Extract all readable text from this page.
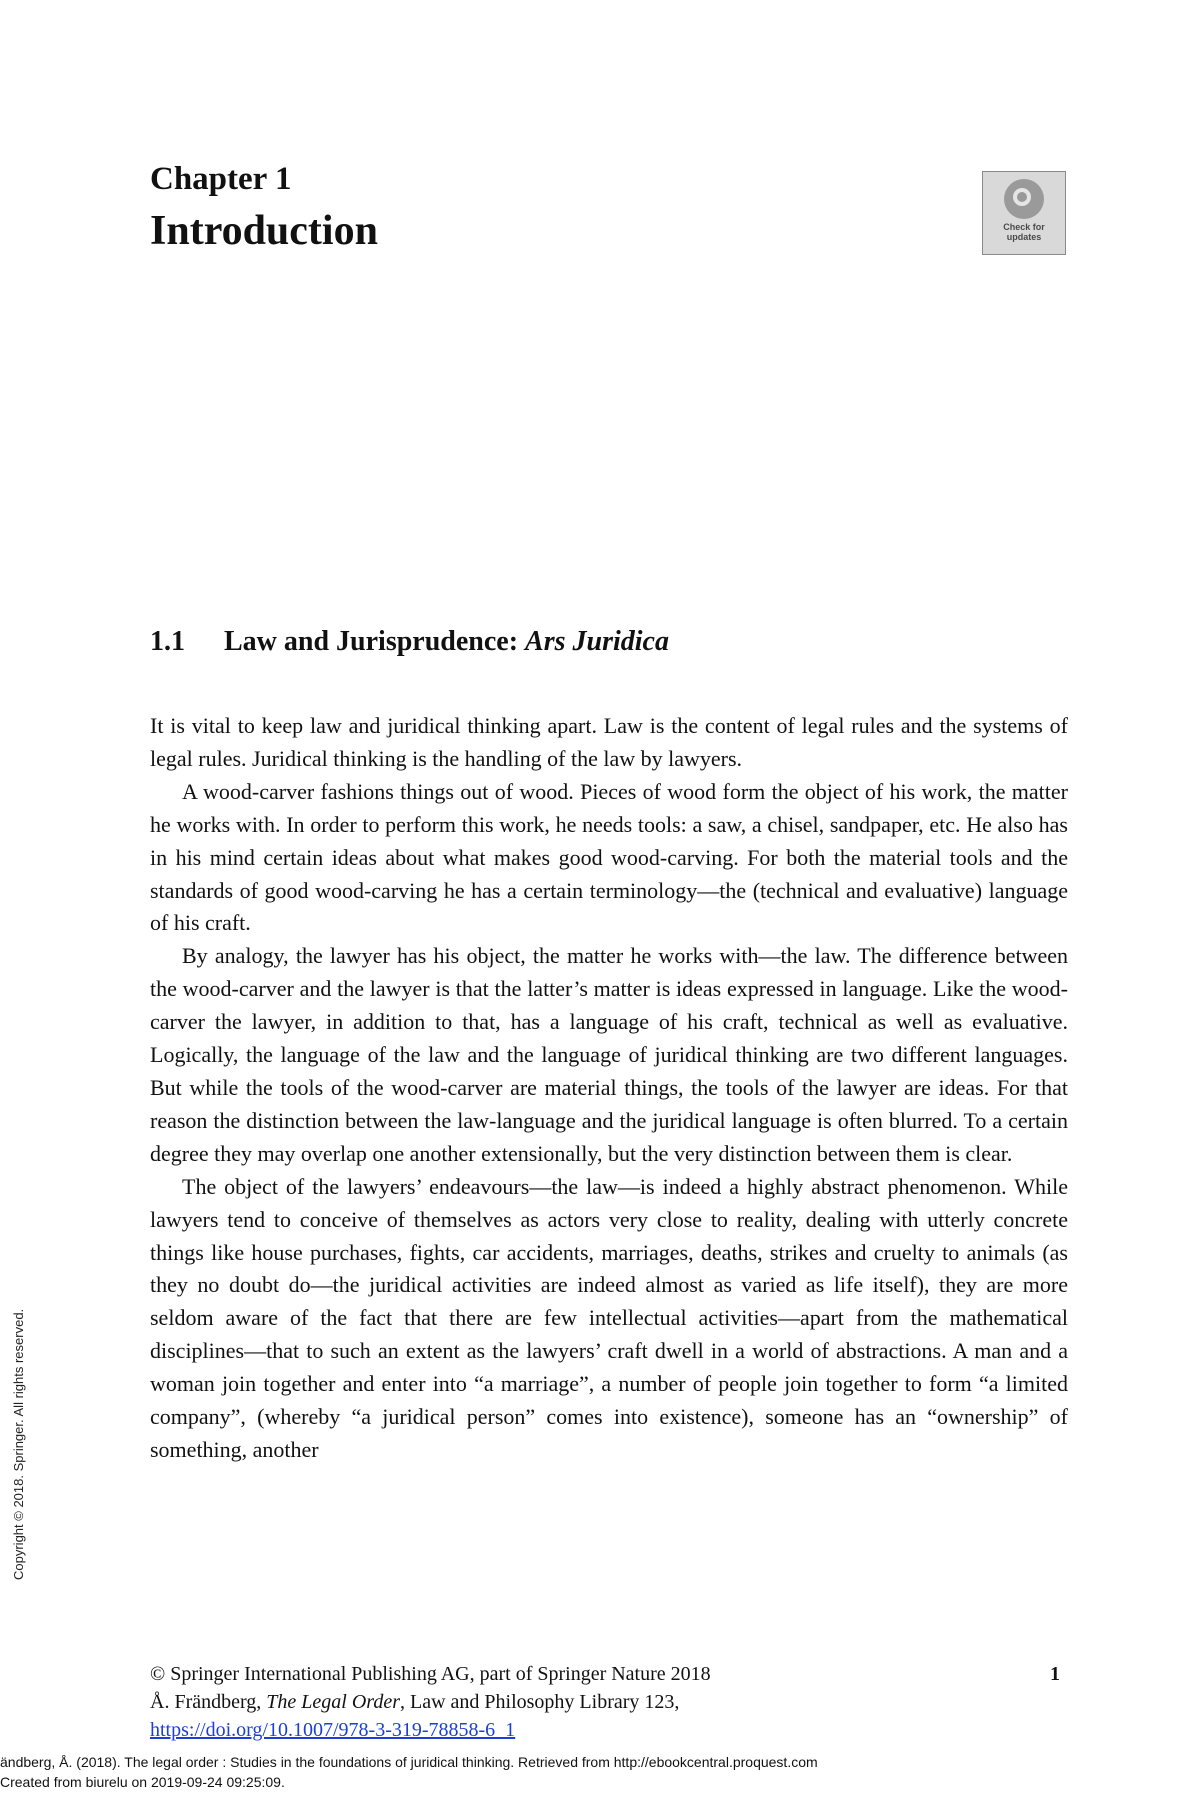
Chapter 1
Introduction	Check for
updates
1.1 Law and Jurisprudence: Ars Juridica

It is vital to keep law and juridical thinking apart. Law is the content of legal rules and the systems of legal rules. Juridical thinking is the handling of the law by lawyers.

A wood-carver fashions things out of wood. Pieces of wood form the object of his work, the matter he works with. In order to perform this work, he needs tools: a saw, a chisel, sandpaper, etc. He also has in his mind certain ideas about what makes good wood-carving. For both the material tools and the standards of good wood-carving he has a certain terminology—the (technical and evaluative) language of his craft.

By analogy, the lawyer has his object, the matter he works with—the law. The difference between the wood-carver and the lawyer is that the latter’s matter is ideas expressed in language. Like the wood-carver the lawyer, in addition to that, has a language of his craft, technical as well as evaluative. Logically, the language of the law and the language of juridical thinking are two different languages. But while the tools of the wood-carver are material things, the tools of the lawyer are ideas. For that reason the distinction between the law-language and the juridical language is often blurred. To a certain degree they may overlap one another extensionally, but the very distinction between them is clear.

The object of the lawyers’ endeavours—the law—is indeed a highly abstract phenomenon. While lawyers tend to conceive of themselves as actors very close to reality, dealing with utterly concrete things like house purchases, fights, car accidents, marriages, deaths, strikes and cruelty to animals (as they no doubt do—the juridical activities are indeed almost as varied as life itself), they are more seldom aware of the fact that there are few intellectual activities—apart from the mathematical disciplines—that to such an extent as the lawyers’ craft dwell in a world of abstractions. A man and a woman join together and enter into “a marriage”, a number of people join together to form “a limited company”, (whereby “a juridical person” comes into existence), someone has an “ownership” of something, another

Copyright © 2018. Springer. All rights reserved.
1
© Springer International Publishing AG, part of Springer Nature 2018
Å. Frändberg, The Legal Order, Law and Philosophy Library 123,
https://doi.org/10.1007/978-3-319-78858-6_1
ändberg, Å. (2018). The legal order : Studies in the foundations of juridical thinking. Retrieved from http://ebookcentral.proquest.com
Created from biurelu on 2019-09-24 09:25:09.
